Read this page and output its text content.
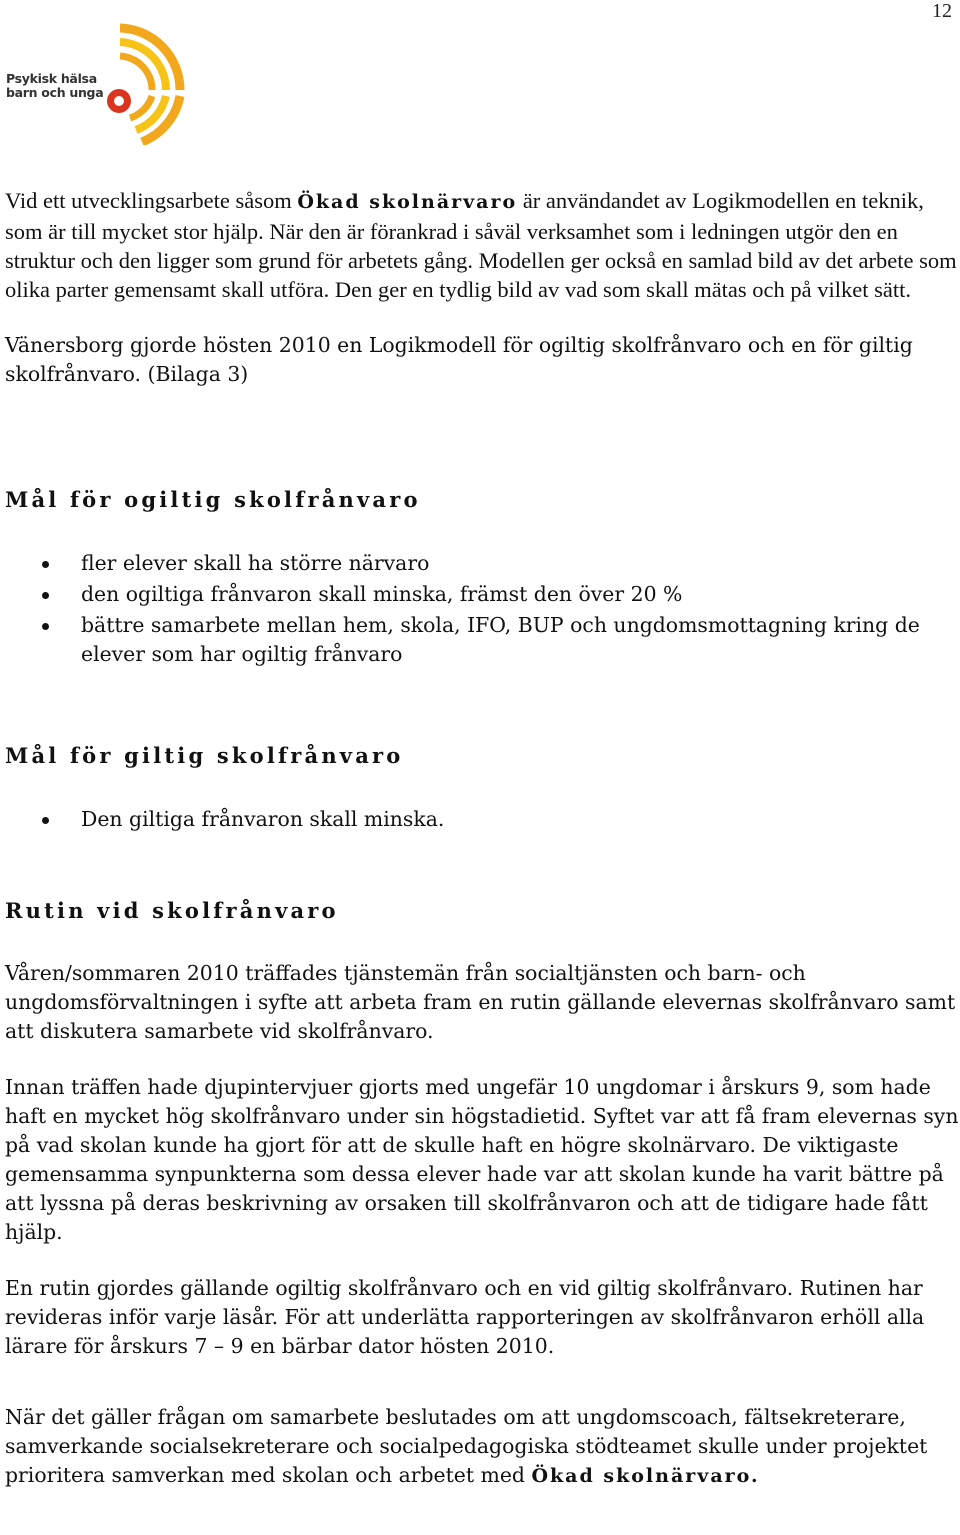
12
Psykisk hälsa
barn och unga

Vid ett utvecklingsarbete såsom Ökad skolnärvaro är användandet av Logikmodellen en teknik, som är till mycket stor hjälp. När den är förankrad i såväl verksamhet som i ledningen utgör den en struktur och den ligger som grund för arbetets gång. Modellen ger också en samlad bild av det arbete som olika parter gemensamt skall utföra. Den ger en tydlig bild av vad som skall mätas och på vilket sätt.

Vänersborg gjorde hösten 2010 en Logikmodell för ogiltig skolfrånvaro och en för giltig skolfrånvaro. (Bilaga 3)

Mål för ogiltig skolfrånvaro
fler elever skall ha större närvaro
den ogiltiga frånvaron skall minska, främst den över 20 %
bättre samarbete mellan hem, skola, IFO, BUP och ungdomsmottagning kring de elever som har ogiltig frånvaro
Mål för giltig skolfrånvaro
Den giltiga frånvaron skall minska.
Rutin vid skolfrånvaro

Våren/sommaren 2010 träffades tjänstemän från socialtjänsten och barn- och ungdomsförvaltningen i syfte att arbeta fram en rutin gällande elevernas skolfrånvaro samt att diskutera samarbete vid skolfrånvaro.

Innan träffen hade djupintervjuer gjorts med ungefär 10 ungdomar i årskurs 9, som hade haft en mycket hög skolfrånvaro under sin högstadietid. Syftet var att få fram elevernas syn på vad skolan kunde ha gjort för att de skulle haft en högre skolnärvaro. De viktigaste gemensamma synpunkterna som dessa elever hade var att skolan kunde ha varit bättre på att lyssna på deras beskrivning av orsaken till skolfrånvaron och att de tidigare hade fått hjälp.

En rutin gjordes gällande ogiltig skolfrånvaro och en vid giltig skolfrånvaro. Rutinen har revideras inför varje läsår. För att underlätta rapporteringen av skolfrånvaron erhöll alla lärare för årskurs 7 – 9 en bärbar dator hösten 2010.

När det gäller frågan om samarbete beslutades om att ungdomscoach, fältsekreterare, samverkande socialsekreterare och socialpedagogiska stödteamet skulle under projektet prioritera samverkan med skolan och arbetet med Ökad skolnärvaro.
